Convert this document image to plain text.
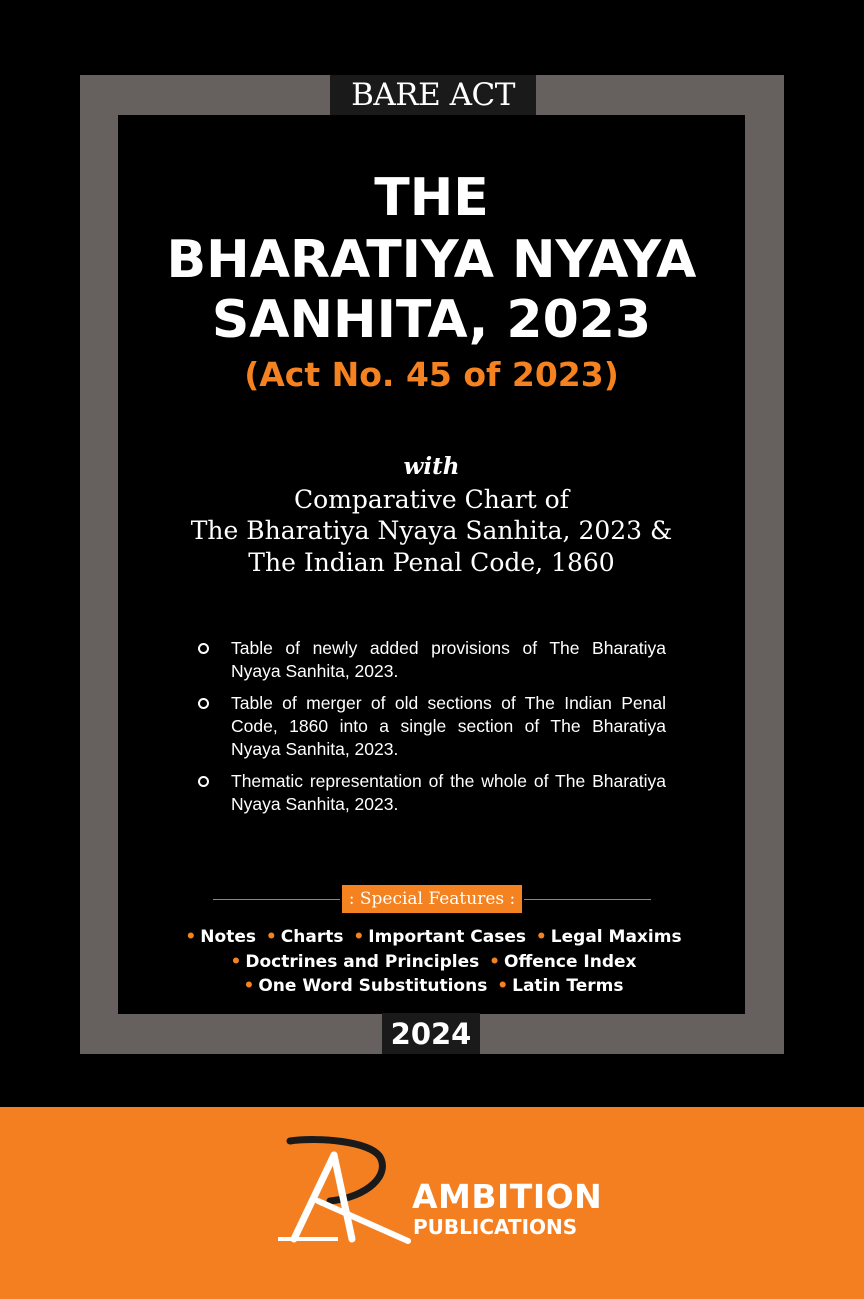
BARE ACT
THE
BHARATIYA NYAYA
SANHITA, 2023
(Act No. 45 of 2023)
with
Comparative Chart of
The Bharatiya Nyaya Sanhita, 2023 &
The Indian Penal Code, 1860
Table of newly added provisions of The Bharatiya Nyaya Sanhita, 2023.
Table of merger of old sections of The Indian Penal Code, 1860 into a single section of The Bharatiya Nyaya Sanhita, 2023.
Thematic representation of the whole of The Bharatiya Nyaya Sanhita, 2023.
: Special Features :
• Notes • Charts • Important Cases • Legal Maxims
• Doctrines and Principles • Offence Index
• One Word Substitutions • Latin Terms
2024
AMBITION
PUBLICATIONS
